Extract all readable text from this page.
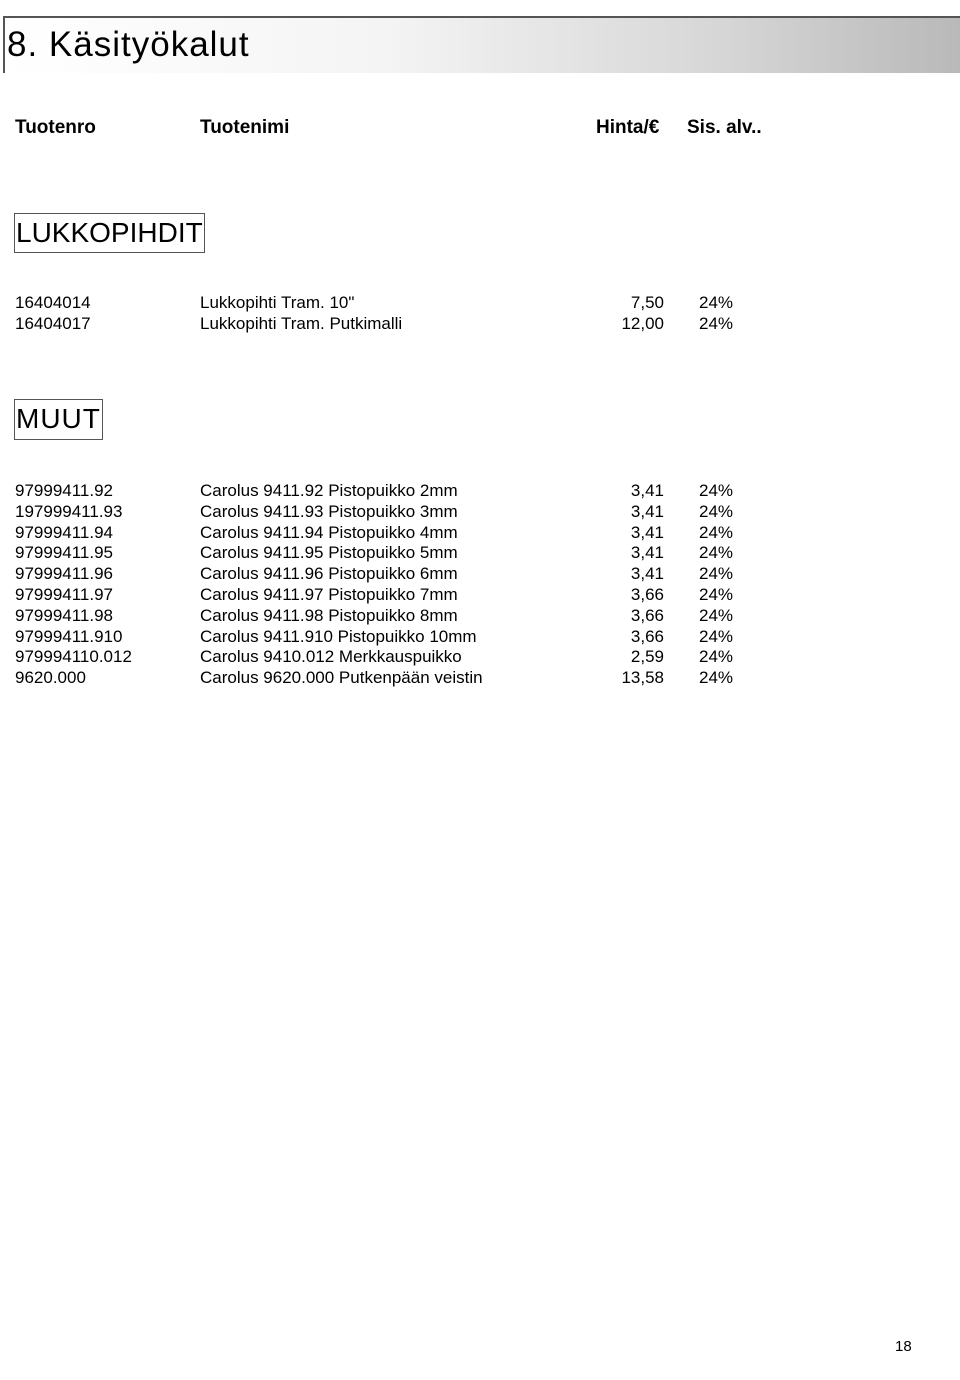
8. Käsityökalut
Tuotenro	Tuotenimi	Hinta/€ Sis. alv..
LUKKOPIHDIT
16404014	Lukkopihti Tram. 10"	7,50 24%
16404017	Lukkopihti Tram. Putkimalli	12,00 24%
MUUT
97999411.92	Carolus 9411.92 Pistopuikko 2mm	3,41 24%
197999411.93	Carolus 9411.93 Pistopuikko 3mm	3,41 24%
97999411.94	Carolus 9411.94 Pistopuikko 4mm	3,41 24%
97999411.95	Carolus 9411.95 Pistopuikko 5mm	3,41 24%
97999411.96	Carolus 9411.96 Pistopuikko 6mm	3,41 24%
97999411.97	Carolus 9411.97 Pistopuikko 7mm	3,66 24%
97999411.98	Carolus 9411.98 Pistopuikko 8mm	3,66 24%
97999411.910	Carolus 9411.910 Pistopuikko 10mm	3,66 24%
979994110.012	Carolus 9410.012 Merkkauspuikko	2,59 24%
9620.000	Carolus 9620.000 Putkenpään veistin	13,58 24%
18
